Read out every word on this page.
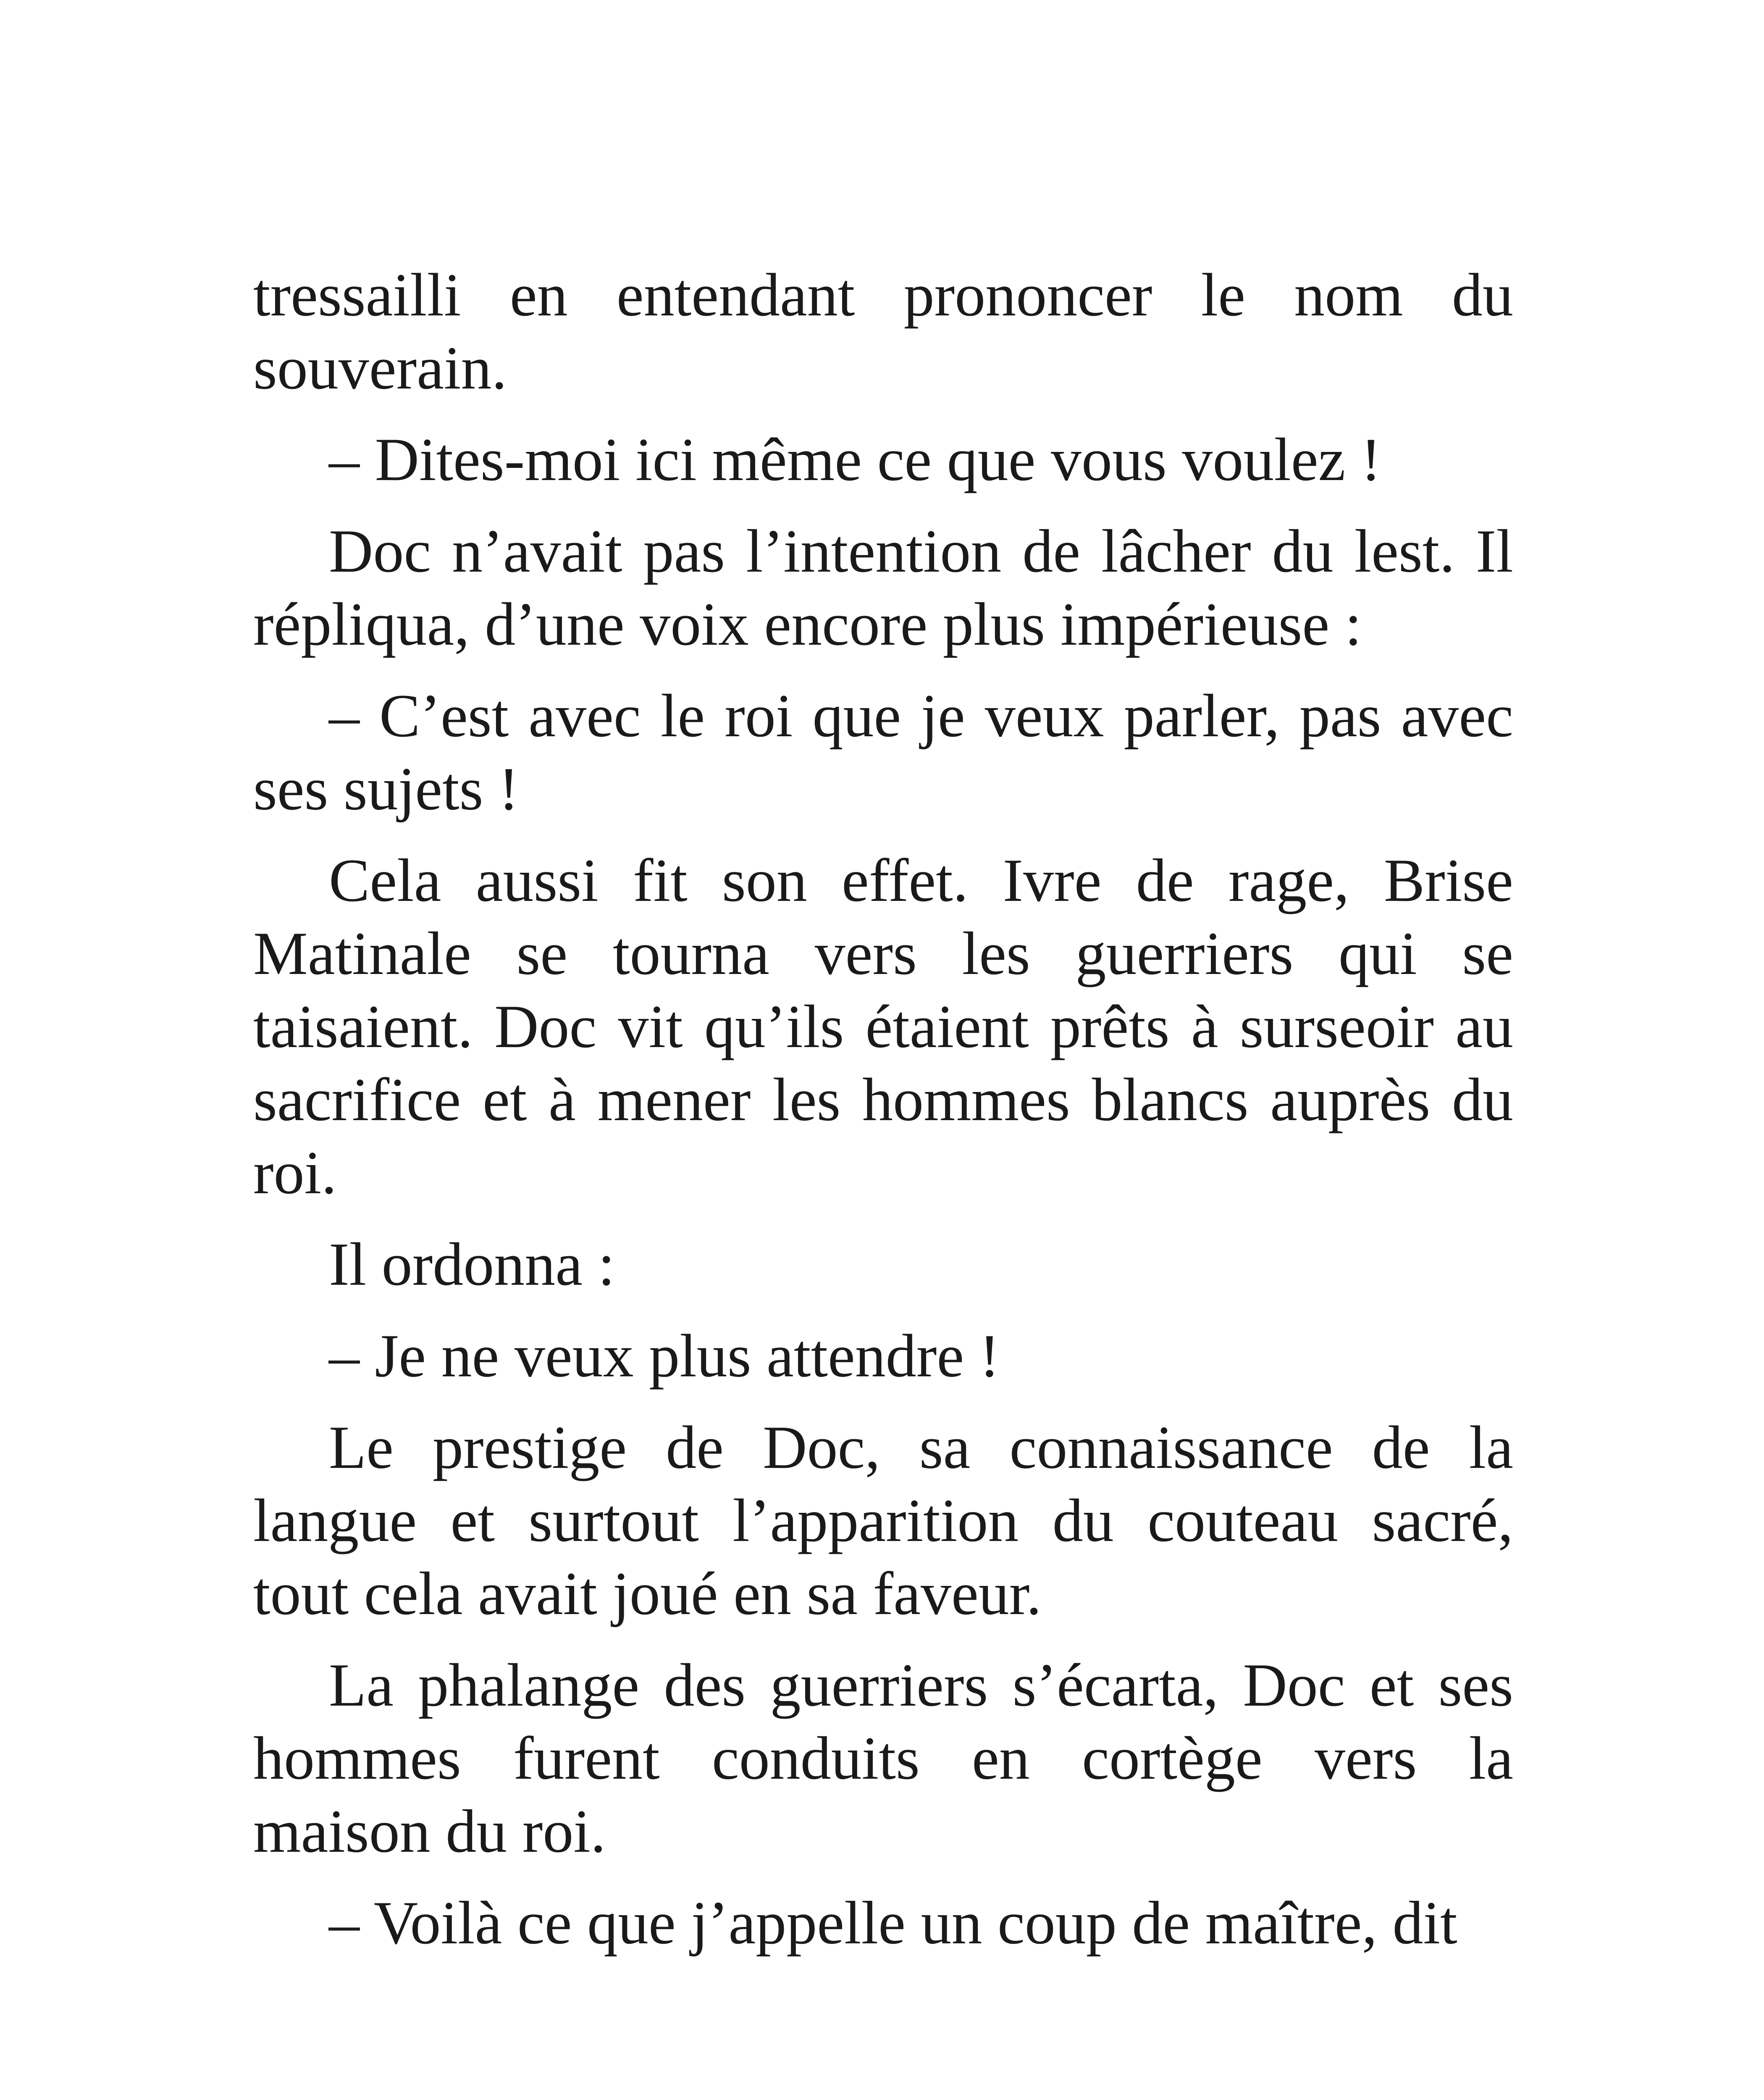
tressailli en entendant prononcer le nom du
souverain.
– Dites-moi ici même ce que vous voulez !
Doc n’avait pas l’intention de lâcher du lest. Il
répliqua, d’une voix encore plus impérieuse :
– C’est avec le roi que je veux parler, pas avec
ses sujets !
Cela aussi fit son effet. Ivre de rage, Brise
Matinale se tourna vers les guerriers qui se
taisaient. Doc vit qu’ils étaient prêts à surseoir au
sacrifice et à mener les hommes blancs auprès du
roi.
Il ordonna :
– Je ne veux plus attendre !
Le prestige de Doc, sa connaissance de la
langue et surtout l’apparition du couteau sacré,
tout cela avait joué en sa faveur.
La phalange des guerriers s’écarta, Doc et ses
hommes furent conduits en cortège vers la
maison du roi.
– Voilà ce que j’appelle un coup de maître, dit
